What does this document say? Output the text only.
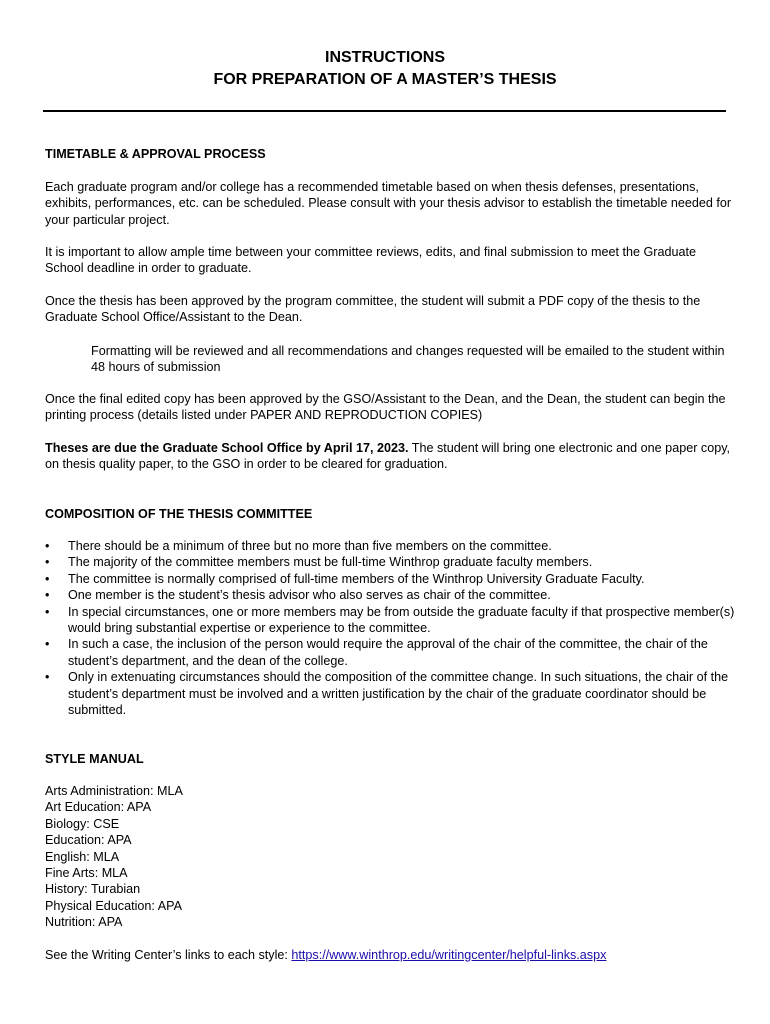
INSTRUCTIONS
FOR PREPARATION OF A MASTER’S THESIS
TIMETABLE & APPROVAL PROCESS

Each graduate program and/or college has a recommended timetable based on when thesis defenses, presentations, exhibits, performances, etc. can be scheduled. Please consult with your thesis advisor to establish the timetable needed for your particular project.

It is important to allow ample time between your committee reviews, edits, and final submission to meet the Graduate School deadline in order to graduate.

Once the thesis has been approved by the program committee, the student will submit a PDF copy of the thesis to the Graduate School Office/Assistant to the Dean.

Formatting will be reviewed and all recommendations and changes requested will be emailed to the student within 48 hours of submission

Once the final edited copy has been approved by the GSO/Assistant to the Dean, and the Dean, the student can begin the printing process (details listed under PAPER AND REPRODUCTION COPIES)

Theses are due the Graduate School Office by April 17, 2023. The student will bring one electronic and one paper copy, on thesis quality paper, to the GSO in order to be cleared for graduation.

COMPOSITION OF THE THESIS COMMITTEE
• There should be a minimum of three but no more than five members on the committee.
• The majority of the committee members must be full-time Winthrop graduate faculty members.
• The committee is normally comprised of full-time members of the Winthrop University Graduate Faculty.
• One member is the student’s thesis advisor who also serves as chair of the committee.
• In special circumstances, one or more members may be from outside the graduate faculty if that prospective member(s) would bring substantial expertise or experience to the committee.
• In such a case, the inclusion of the person would require the approval of the chair of the committee, the chair of the student’s department, and the dean of the college.
• Only in extenuating circumstances should the composition of the committee change. In such situations, the chair of the student’s department must be involved and a written justification by the chair of the graduate coordinator should be submitted.
STYLE MANUAL
Arts Administration: MLA
Art Education: APA
Biology: CSE
Education: APA
English: MLA
Fine Arts: MLA
History: Turabian
Physical Education: APA
Nutrition: APA

See the Writing Center’s links to each style: https://www.winthrop.edu/writingcenter/helpful-links.aspx
